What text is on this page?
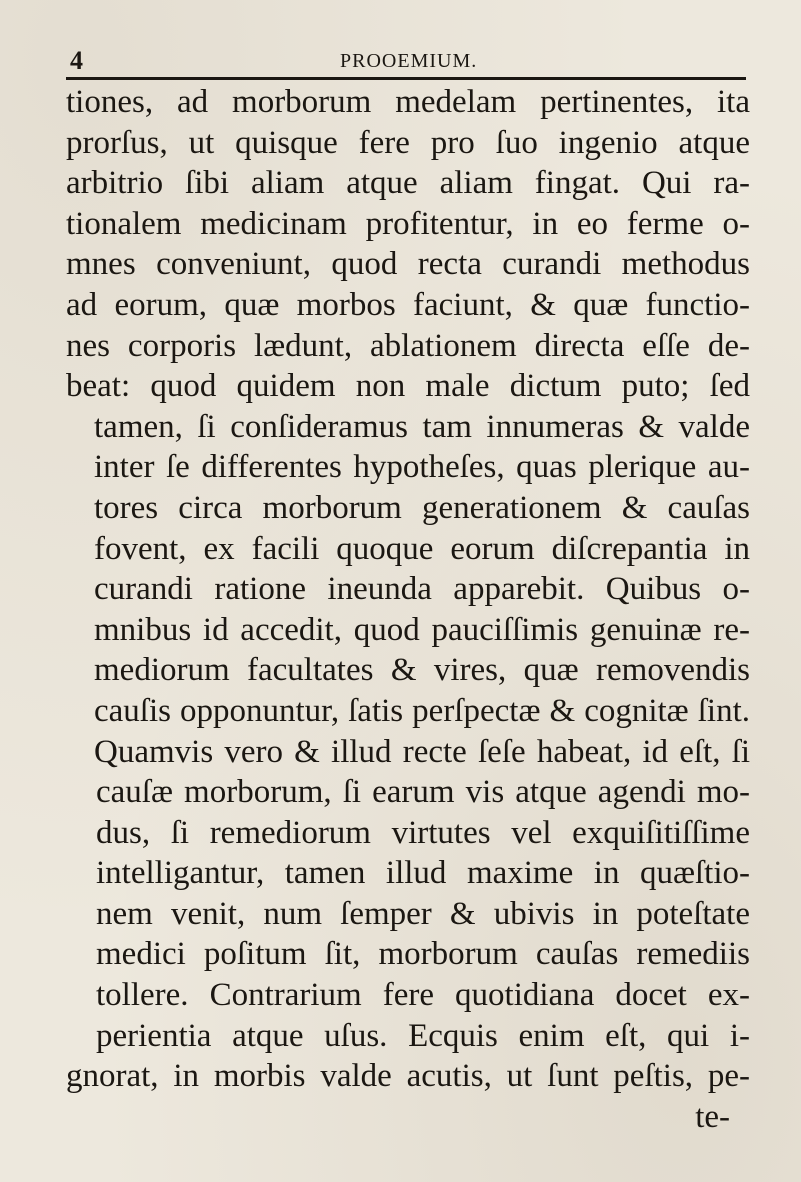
4	PROOEMIUM.
tiones, ad morborum medelam pertinentes, ita
prorſus, ut quisque fere pro ſuo ingenio atque
arbitrio ſibi aliam atque aliam fingat. Qui ra-
tionalem medicinam profitentur, in eo ferme o-
mnes conveniunt, quod recta curandi methodus
ad eorum, quæ morbos faciunt, & quæ functio-
nes corporis lædunt, ablationem directa eſſe de-
beat: quod quidem non male dictum puto; ſed
tamen, ſi conſideramus tam innumeras & valde
inter ſe differentes hypotheſes, quas plerique au-
tores circa morborum generationem & cauſas
fovent, ex facili quoque eorum diſcrepantia in
curandi ratione ineunda apparebit. Quibus o-
mnibus id accedit, quod pauciſſimis genuinæ re-
mediorum facultates & vires, quæ removendis
cauſis opponuntur, ſatis perſpectæ & cognitæ ſint.
Quamvis vero & illud recte ſeſe habeat, id eſt, ſi
cauſæ morborum, ſi earum vis atque agendi mo-
dus, ſi remediorum virtutes vel exquiſitiſſime
intelligantur, tamen illud maxime in quæſtio-
nem venit, num ſemper & ubivis in poteſtate
medici poſitum ſit, morborum cauſas remediis
tollere. Contrarium fere quotidiana docet ex-
perientia atque uſus. Ecquis enim eſt, qui i-
gnorat, in morbis valde acutis, ut ſunt peſtis, pe-
te-
